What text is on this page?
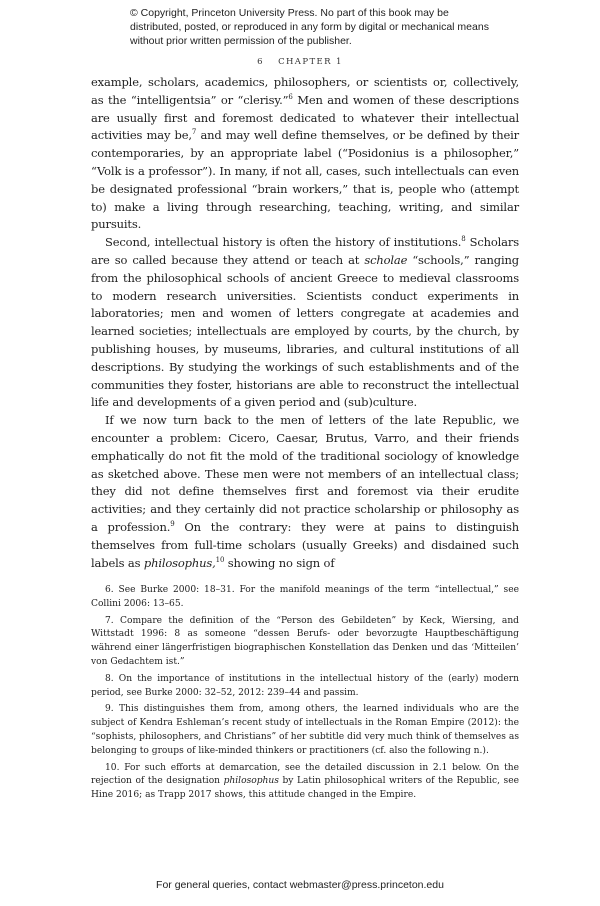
© Copyright, Princeton University Press. No part of this book may be distributed, posted, or reproduced in any form by digital or mechanical means without prior written permission of the publisher.
6 CHAPTER 1

example, scholars, academics, philosophers, or scientists or, collectively, as the “intelligentsia” or “clerisy.”$^6$ Men and women of these descriptions are usually first and foremost dedicated to whatever their intellectual activities may be,$^7$ and may well define themselves, or be defined by their contemporaries, by an appropriate label (“Posidonius is a philosopher,” “Volk is a professor”). In many, if not all, cases, such intellectuals can even be designated professional “brain workers,” that is, people who (attempt to) make a living through researching, teaching, writing, and similar pursuits.

Second, intellectual history is often the history of institutions.$^8$ Scholars are so called because they attend or teach at scholae “schools,” ranging from the philosophical schools of ancient Greece to medieval classrooms to modern research universities. Scientists conduct experiments in laboratories; men and women of letters congregate at academies and learned societies; intellectuals are employed by courts, by the church, by publishing houses, by museums, libraries, and cultural institutions of all descriptions. By studying the workings of such establishments and of the communities they foster, historians are able to reconstruct the intellectual life and developments of a given period and (sub)culture.

If we now turn back to the men of letters of the late Republic, we encounter a problem: Cicero, Caesar, Brutus, Varro, and their friends emphatically do not fit the mold of the traditional sociology of knowledge as sketched above. These men were not members of an intellectual class; they did not define themselves first and foremost via their erudite activities; and they certainly did not practice scholarship or philosophy as a profession.$^9$ On the contrary: they were at pains to distinguish themselves from full-time scholars (usually Greeks) and disdained such labels as philosophus,$^{10}$ showing no sign of

6. See Burke 2000: 18–31. For the manifold meanings of the term “intellectual,” see Collini 2006: 13–65.

7. Compare the definition of the “Person des Gebildeten” by Keck, Wiersing, and Wittstadt 1996: 8 as someone “dessen Berufs- oder bevorzugte Hauptbeschäftigung während einer längerfristigen biographischen Konstellation das Denken und das ‘Mitteilen’ von Gedachtem ist.”

8. On the importance of institutions in the intellectual history of the (early) modern period, see Burke 2000: 32–52, 2012: 239–44 and passim.

9. This distinguishes them from, among others, the learned individuals who are the subject of Kendra Eshleman’s recent study of intellectuals in the Roman Empire (2012): the “sophists, philosophers, and Christians” of her subtitle did very much think of themselves as belonging to groups of like-minded thinkers or practitioners (cf. also the following n.).

10. For such efforts at demarcation, see the detailed discussion in 2.1 below. On the rejection of the designation philosophus by Latin philosophical writers of the Republic, see Hine 2016; as Trapp 2017 shows, this attitude changed in the Empire.

For general queries, contact webmaster@press.princeton.edu
